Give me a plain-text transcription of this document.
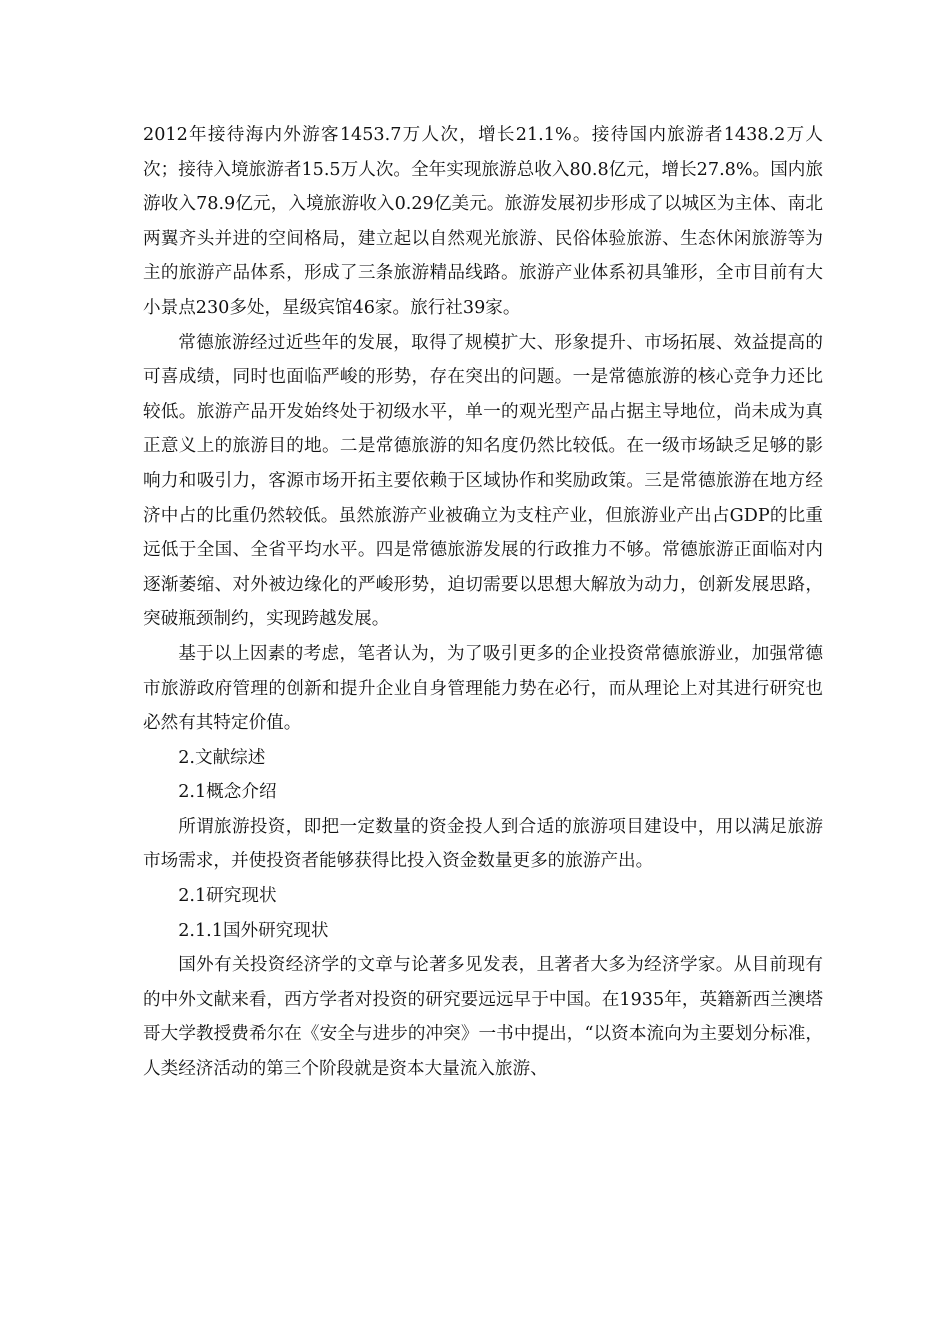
2012年接待海内外游客1453.7万人次，增长21.1%。接待国内旅游者1438.2万人次；接待入境旅游者15.5万人次。全年实现旅游总收入80.8亿元，增长27.8%。国内旅游收入78.9亿元，入境旅游收入0.29亿美元。旅游发展初步形成了以城区为主体、南北两翼齐头并进的空间格局，建立起以自然观光旅游、民俗体验旅游、生态休闲旅游等为主的旅游产品体系，形成了三条旅游精品线路。旅游产业体系初具雏形，全市目前有大小景点230多处，星级宾馆46家。旅行社39家。

常德旅游经过近些年的发展，取得了规模扩大、形象提升、市场拓展、效益提高的可喜成绩，同时也面临严峻的形势，存在突出的问题。一是常德旅游的核心竞争力还比较低。旅游产品开发始终处于初级水平，单一的观光型产品占据主导地位，尚未成为真正意义上的旅游目的地。二是常德旅游的知名度仍然比较低。在一级市场缺乏足够的影响力和吸引力，客源市场开拓主要依赖于区域协作和奖励政策。三是常德旅游在地方经济中占的比重仍然较低。虽然旅游产业被确立为支柱产业，但旅游业产出占GDP的比重远低于全国、全省平均水平。四是常德旅游发展的行政推力不够。常德旅游正面临对内逐渐萎缩、对外被边缘化的严峻形势，迫切需要以思想大解放为动力，创新发展思路，突破瓶颈制约，实现跨越发展。

基于以上因素的考虑，笔者认为，为了吸引更多的企业投资常德旅游业，加强常德市旅游政府管理的创新和提升企业自身管理能力势在必行，而从理论上对其进行研究也必然有其特定价值。

2.文献综述

2.1概念介绍

所谓旅游投资，即把一定数量的资金投人到合适的旅游项目建设中，用以满足旅游市场需求，并使投资者能够获得比投入资金数量更多的旅游产出。

2.1研究现状

2.1.1国外研究现状

国外有关投资经济学的文章与论著多见发表，且著者大多为经济学家。从目前现有的中外文献来看，西方学者对投资的研究要远远早于中国。在1935年，英籍新西兰澳塔哥大学教授费希尔在《安全与进步的冲突》一书中提出，“以资本流向为主要划分标准，人类经济活动的第三个阶段就是资本大量流入旅游、
